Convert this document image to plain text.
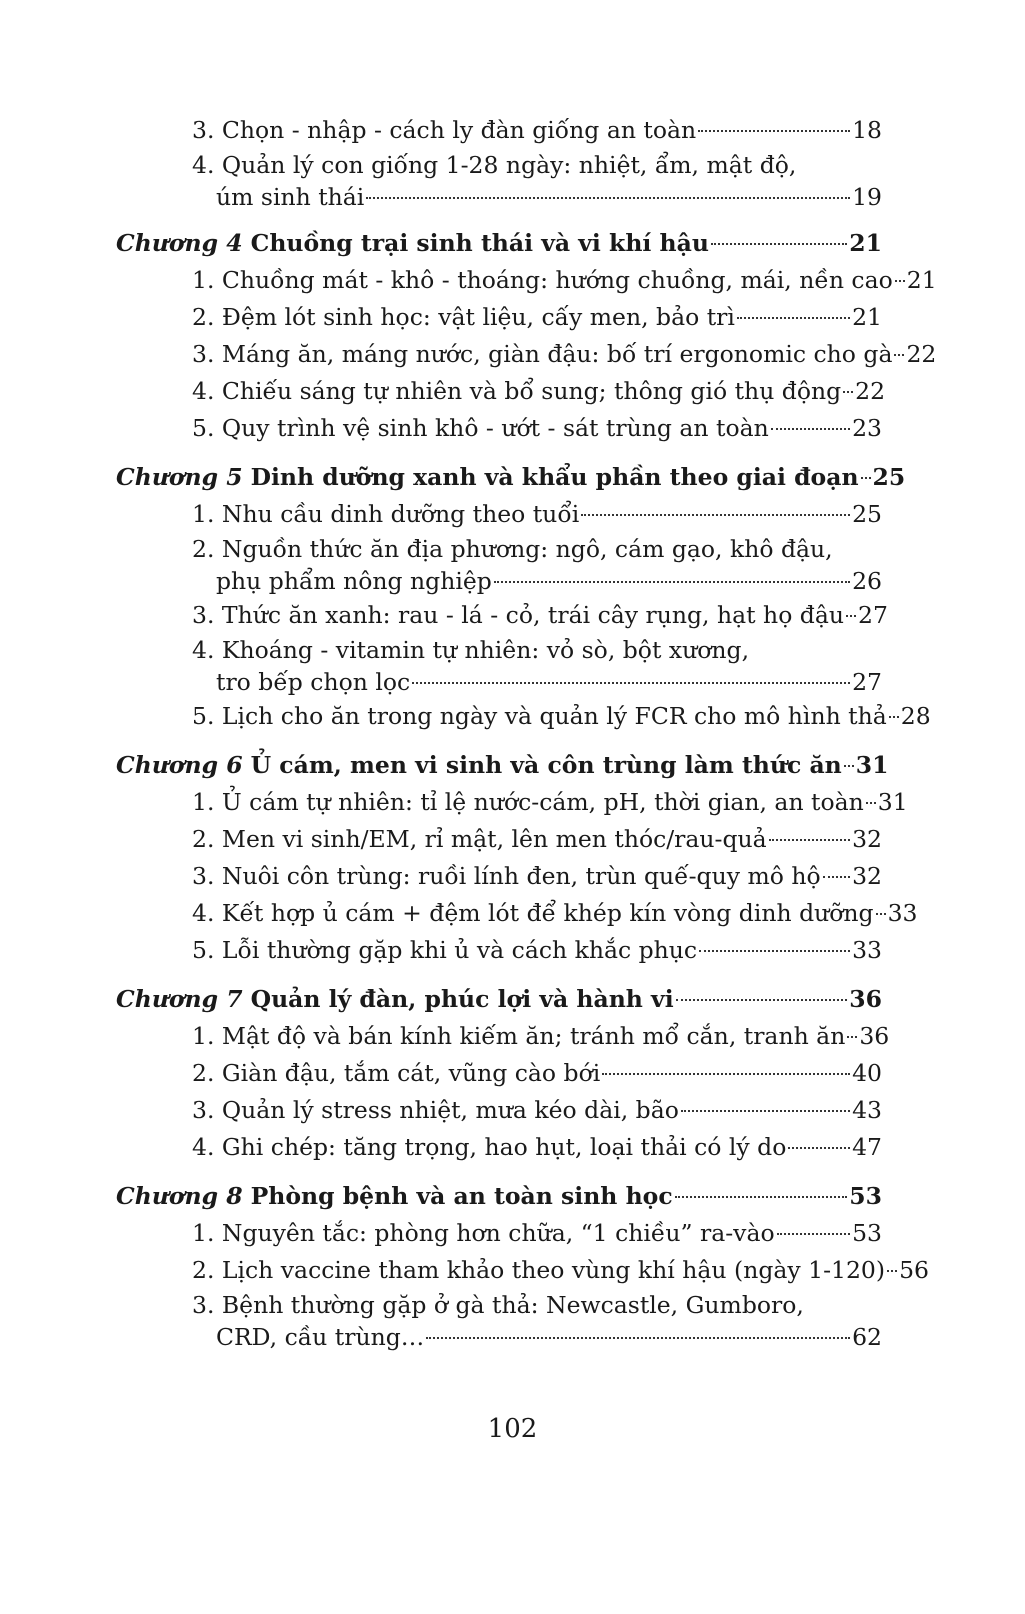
3. Chọn - nhập - cách ly đàn giống an toàn	18
4. Quản lý con giống 1-28 ngày: nhiệt, ẩm, mật độ,
úm sinh thái	19
Chương 4 Chuồng trại sinh thái và vi khí hậu	21
1. Chuồng mát - khô - thoáng: hướng chuồng, mái, nền cao 21
2. Đệm lót sinh học: vật liệu, cấy men, bảo trì	21
3. Máng ăn, máng nước, giàn đậu: bố trí ergonomic cho gà 22
4. Chiếu sáng tự nhiên và bổ sung; thông gió thụ động 22
5. Quy trình vệ sinh khô - ướt - sát trùng an toàn	23
Chương 5 Dinh dưỡng xanh và khẩu phần theo giai đoạn 25
1. Nhu cầu dinh dưỡng theo tuổi	25
2. Nguồn thức ăn địa phương: ngô, cám gạo, khô đậu,
phụ phẩm nông nghiệp	26
3. Thức ăn xanh: rau - lá - cỏ, trái cây rụng, hạt họ đậu 27
4. Khoáng - vitamin tự nhiên: vỏ sò, bột xương,
tro bếp chọn lọc	27
5. Lịch cho ăn trong ngày và quản lý FCR cho mô hình thả 28
Chương 6 Ủ cám, men vi sinh và côn trùng làm thức ăn 31
1. Ủ cám tự nhiên: tỉ lệ nước-cám, pH, thời gian, an toàn 31
2. Men vi sinh/EM, rỉ mật, lên men thóc/rau-quả	32
3. Nuôi côn trùng: ruồi lính đen, trùn quế-quy mô hộ 32
4. Kết hợp ủ cám + đệm lót để khép kín vòng dinh dưỡng 33
5. Lỗi thường gặp khi ủ và cách khắc phục	33
Chương 7 Quản lý đàn, phúc lợi và hành vi	36
1. Mật độ và bán kính kiếm ăn; tránh mổ cắn, tranh ăn 36
2. Giàn đậu, tắm cát, vũng cào bới	40
3. Quản lý stress nhiệt, mưa kéo dài, bão	43
4. Ghi chép: tăng trọng, hao hụt, loại thải có lý do	47
Chương 8 Phòng bệnh và an toàn sinh học	53
1. Nguyên tắc: phòng hơn chữa, “1 chiều” ra-vào	53
2. Lịch vaccine tham khảo theo vùng khí hậu (ngày 1-120) 56
3. Bệnh thường gặp ở gà thả: Newcastle, Gumboro,
CRD, cầu trùng…	62
102
